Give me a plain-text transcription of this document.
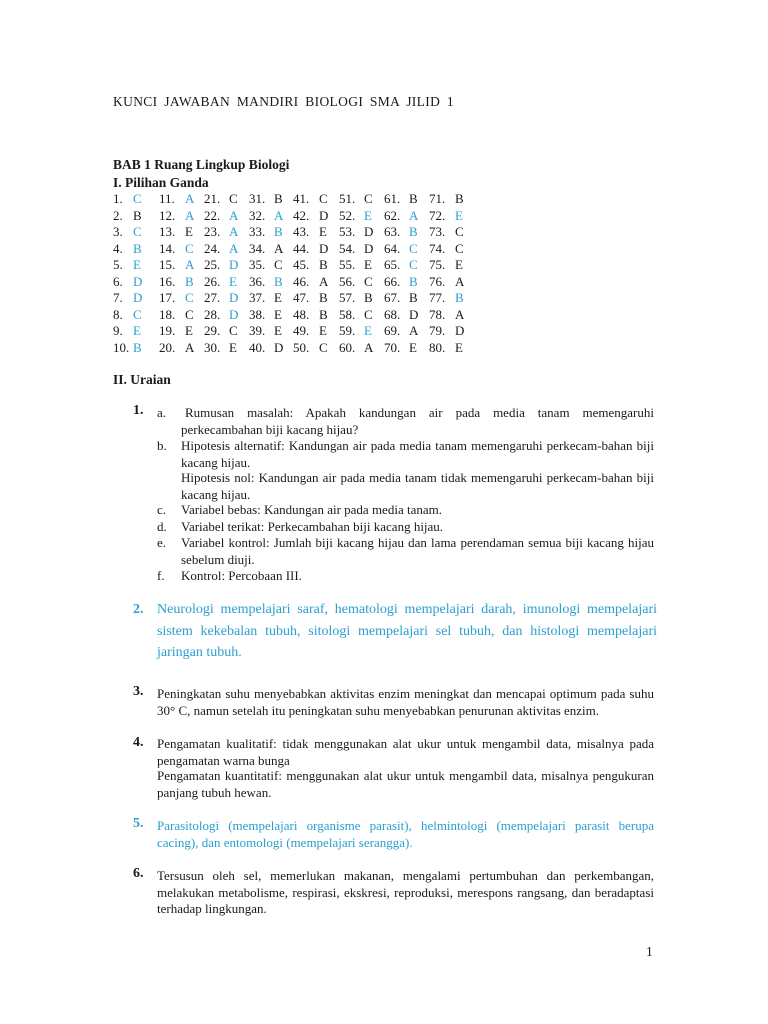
KUNCI JAWABAN MANDIRI BIOLOGI SMA JILID 1
BAB 1 Ruang Lingkup Biologi
I. Pilihan Ganda
1. C 11. A 21. C 31. B 41. C 51. C 61. B 71. B
2. B 12. A 22. A 32. A 42. D 52. E 62. A 72. E
3. C 13. E 23. A 33. B 43. E 53. D 63. B 73. C
4. B 14. C 24. A 34. A 44. D 54. D 64. C 74. C
5. E 15. A 25. D 35. C 45. B 55. E 65. C 75. E
6. D 16. B 26. E 36. B 46. A 56. C 66. B 76. A
7. D 17. C 27. D 37. E 47. B 57. B 67. B 77. B
8. C 18. C 28. D 38. E 48. B 58. C 68. D 78. A
9. E 19. E 29. C 39. E 49. E 59. E 69. A 79. D
10. B 20. A 30. E 40. D 50. C 60. A 70. E 80. E
II. Uraian
1. a.	Rumusan masalah: Apakah kandungan air pada media tanam memengaruhi perkecambahan biji kacang hijau?
b. Hipotesis alternatif: Kandungan air pada media tanam memengaruhi perkecam-bahan biji kacang hijau.
Hipotesis nol: Kandungan air pada media tanam tidak memengaruhi perkecam-bahan biji kacang hijau.
c. Variabel bebas: Kandungan air pada media tanam.
d. Variabel terikat: Perkecambahan biji kacang hijau.
e. Variabel kontrol: Jumlah biji kacang hijau dan lama perendaman semua biji kacang hijau sebelum diuji.
f. Kontrol: Percobaan III.
2. Neurologi mempelajari saraf, hematologi mempelajari darah, imunologi mempelajari sistem kekebalan tubuh, sitologi mempelajari sel tubuh, dan histologi mempelajari jaringan tubuh.
3. Peningkatan suhu menyebabkan aktivitas enzim meningkat dan mencapai optimum pada suhu 30° C, namun setelah itu peningkatan suhu menyebabkan penurunan aktivitas enzim.
4. Pengamatan kualitatif: tidak menggunakan alat ukur untuk mengambil data, misalnya pada pengamatan warna bunga
Pengamatan kuantitatif: menggunakan alat ukur untuk mengambil data, misalnya pengukuran panjang tubuh hewan.
5. Parasitologi (mempelajari organisme parasit), helmintologi (mempelajari parasit berupa cacing), dan entomologi (mempelajari serangga).
6. Tersusun oleh sel, memerlukan makanan, mengalami pertumbuhan dan perkembangan, melakukan metabolisme, respirasi, ekskresi, reproduksi, merespons rangsang, dan beradaptasi terhadap lingkungan.
1
